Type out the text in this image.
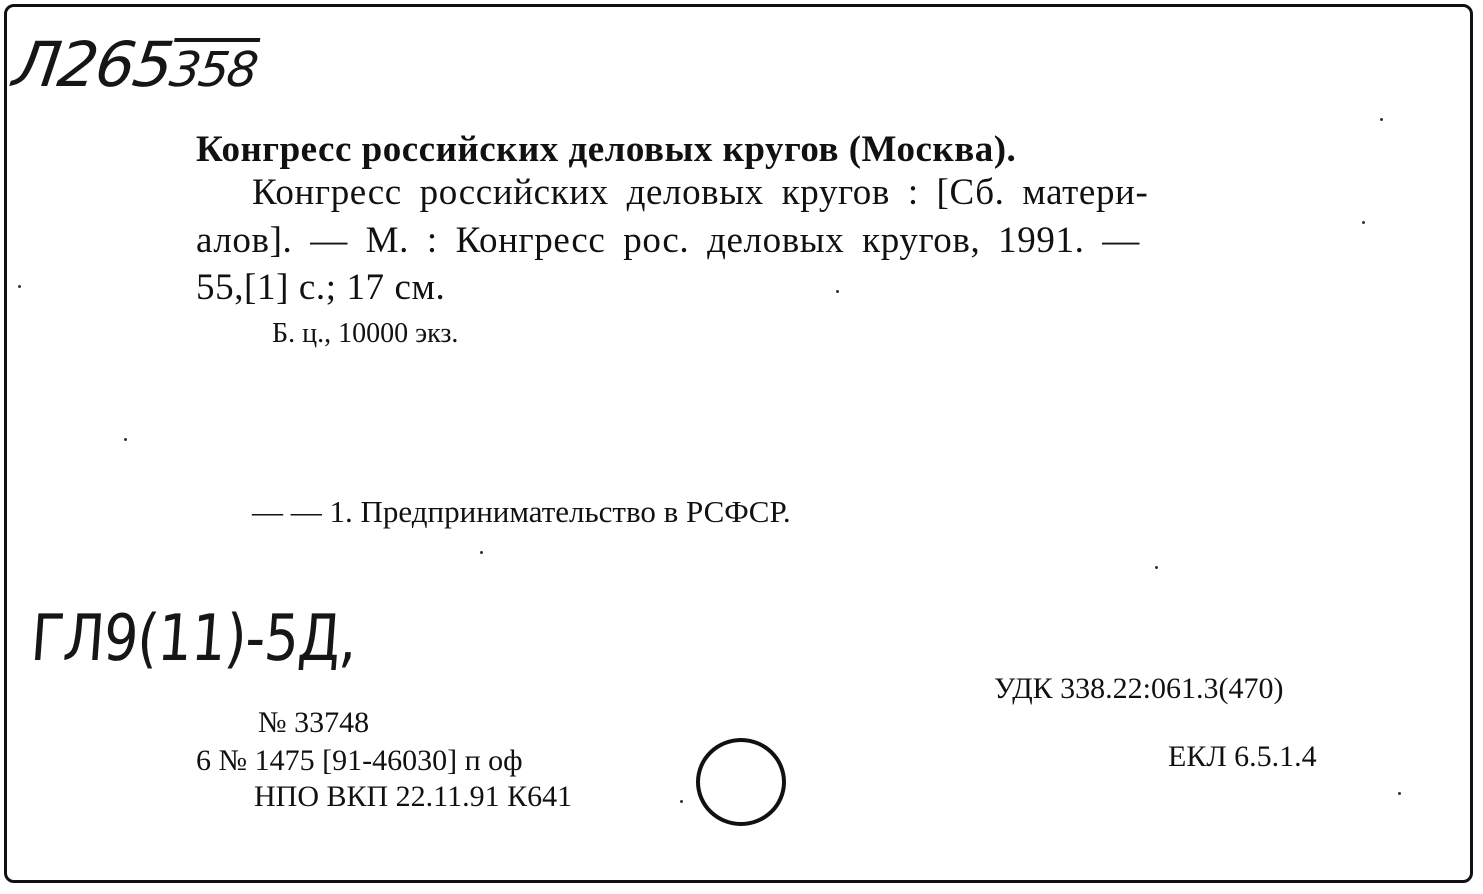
Л265358
Конгресс российских деловых кругов (Москва).
Конгресс российских деловых кругов : [Сб. матери-
алов]. — М. : Конгресс рос. деловых кругов, 1991. —
55,[1] с.; 17 см.
Б. ц., 10000 экз.
— — 1. Предпринимательство в РСФСР.
ГЛ9(11)-5Д,
УДК 338.22:061.3(470)
ЕКЛ 6.5.1.4
№ 33748
6 № 1475 [91-46030] п оф
НПО ВКП 22.11.91 К641
